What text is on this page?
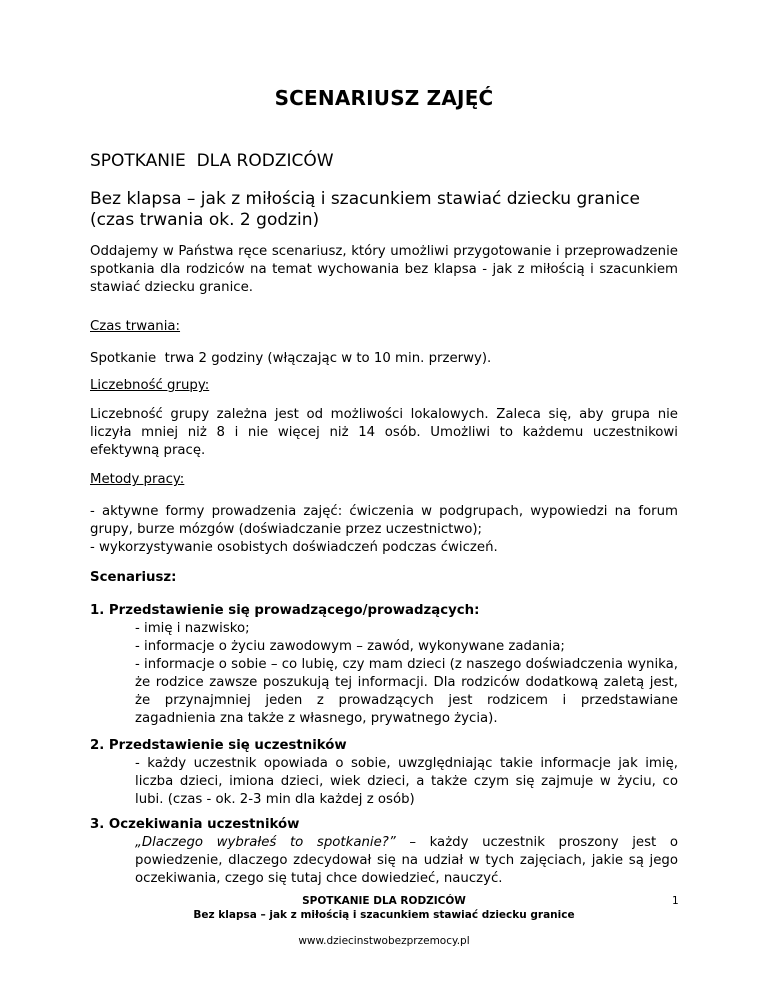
SCENARIUSZ ZAJĘĆ
SPOTKANIE  DLA RODZICÓW
Bez klapsa – jak z miłością i szacunkiem stawiać dziecku granice
(czas trwania ok. 2 godzin)

Oddajemy w Państwa ręce scenariusz, który umożliwi przygotowanie i przeprowadzenie spotkania dla rodziców na temat wychowania bez klapsa - jak z miłością i szacunkiem stawiać dziecku granice.

Czas trwania:
Spotkanie  trwa 2 godziny (włączając w to 10 min. przerwy).
Liczebność grupy:

Liczebność grupy zależna jest od możliwości lokalowych. Zaleca się, aby grupa nie liczyła mniej niż 8 i nie więcej niż 14 osób. Umożliwi to każdemu uczestnikowi efektywną pracę.

Metody pracy:
- aktywne formy prowadzenia zajęć: ćwiczenia w podgrupach, wypowiedzi na forum grupy, burze mózgów (doświadczanie przez uczestnictwo);
- wykorzystywanie osobistych doświadczeń podczas ćwiczeń.
Scenariusz:
1. Przedstawienie się prowadzącego/prowadzących:
- imię i nazwisko;
- informacje o życiu zawodowym – zawód, wykonywane zadania;
- informacje o sobie – co lubię, czy mam dzieci (z naszego doświadczenia wynika, że rodzice zawsze poszukują tej informacji. Dla rodziców dodatkową zaletą jest, że przynajmniej jeden z prowadzących jest rodzicem i przedstawiane zagadnienia zna także z własnego, prywatnego życia).
2. Przedstawienie się uczestników
- każdy uczestnik opowiada o sobie, uwzględniając takie informacje jak imię, liczba dzieci, imiona dzieci, wiek dzieci, a także czym się zajmuje w życiu, co lubi. (czas - ok. 2-3 min dla każdej z osób)
3. Oczekiwania uczestników
„Dlaczego wybrałeś to spotkanie?” – każdy uczestnik proszony jest o powiedzenie, dlaczego zdecydował się na udział w tych zajęciach, jakie są jego oczekiwania, czego się tutaj chce dowiedzieć, nauczyć.
SPOTKANIE DLA RODZICÓW
Bez klapsa – jak z miłością i szacunkiem stawiać dziecku granice
www.dziecinstwobezprzemocy.pl
1
